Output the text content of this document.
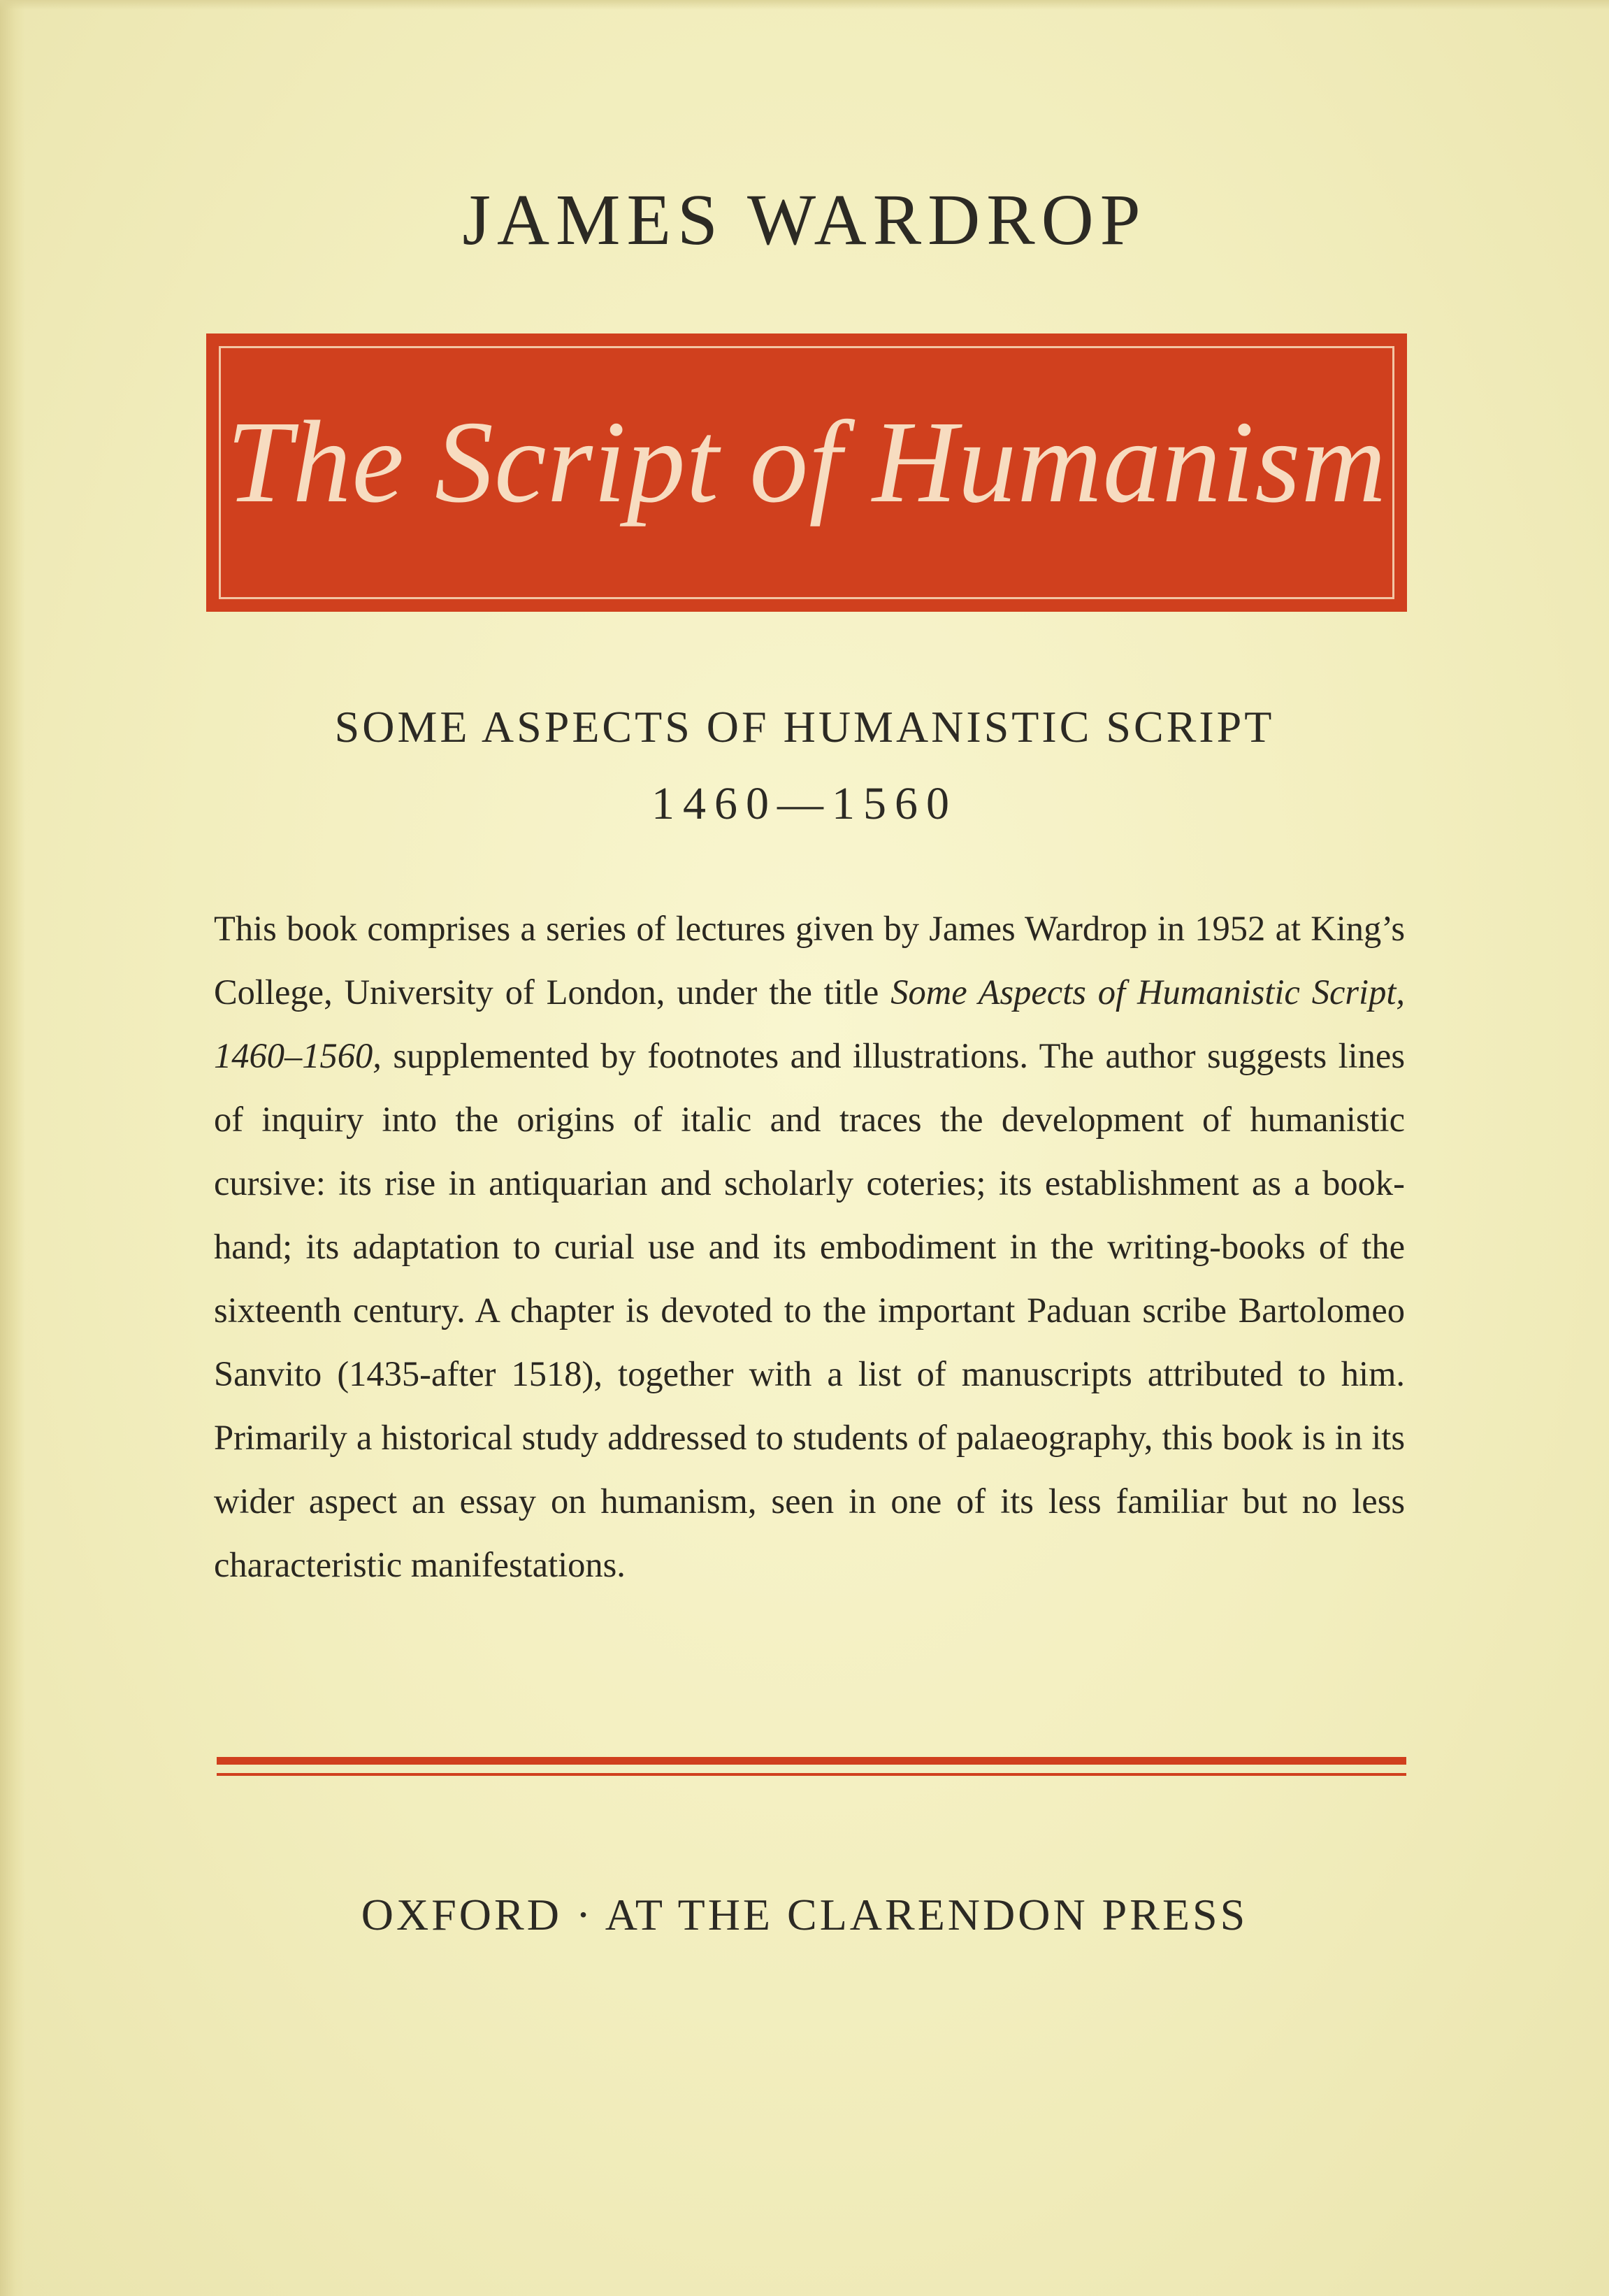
JAMES WARDROP
The Script of Humanism
SOME ASPECTS OF HUMANISTIC SCRIPT
1460—1560
This book comprises a series of lectures given by James Wardrop in 1952 at King’s College, University of London, under the title Some Aspects of Humanistic Script, 1460–1560, supplemented by footnotes and illustrations. The author suggests lines of inquiry into the origins of italic and traces the development of humanistic cursive: its rise in antiquarian and scholarly coteries; its establishment as a book-hand; its adaptation to curial use and its embodiment in the writing-books of the sixteenth century. A chapter is devoted to the important Paduan scribe Bartolomeo Sanvito (1435-after 1518), together with a list of manuscripts attributed to him. Primarily a historical study addressed to students of palaeography, this book is in its wider aspect an essay on humanism, seen in one of its less familiar but no less characteristic manifestations.
OXFORD · AT THE CLARENDON PRESS
